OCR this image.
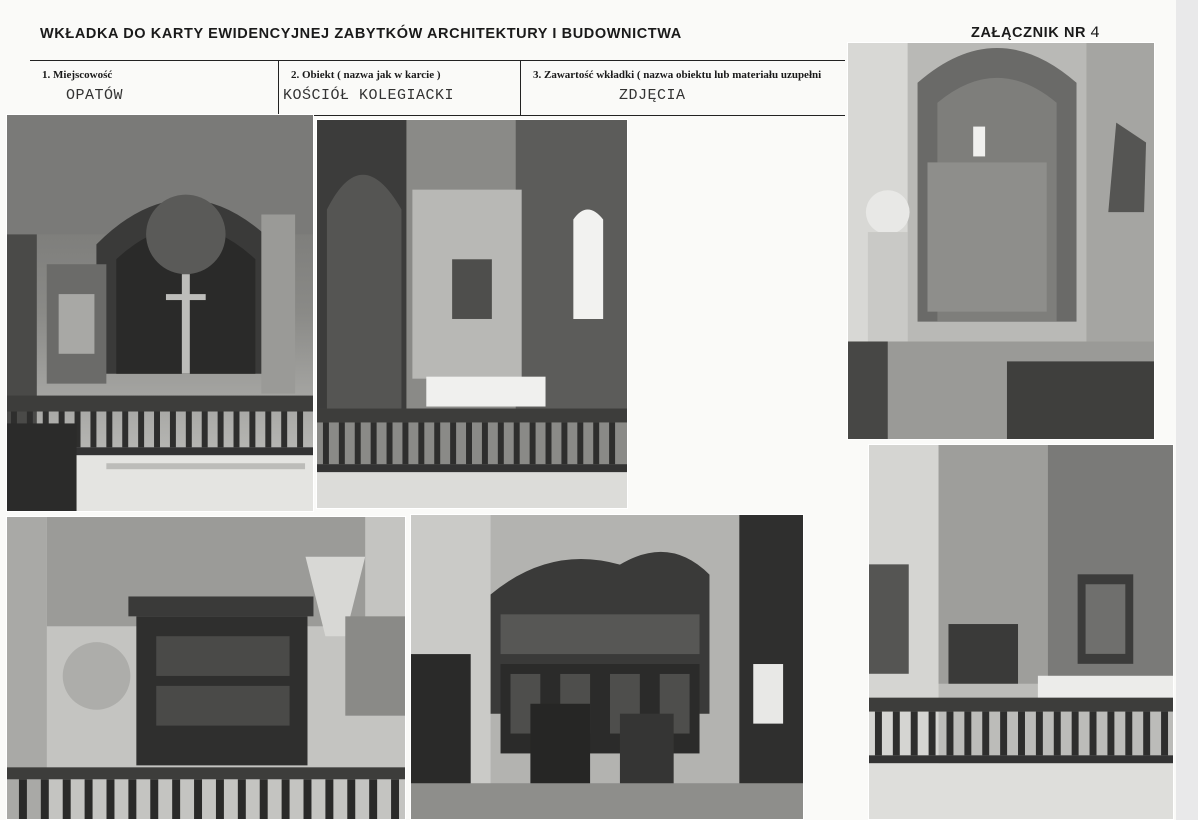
WKŁADKA DO KARTY EWIDENCYJNEJ ZABYTKÓW ARCHITEKTURY I BUDOWNICTWA	ZAŁĄCZNIK NR 4
1. Miejscowość
OPATÓW
2. Obiekt ( nazwa jak w karcie )
KOŚCIÓŁ KOLEGIACKI
3. Zawartość wkładki ( nazwa obiektu lub materiału uzupełni
ZDJĘCIA
